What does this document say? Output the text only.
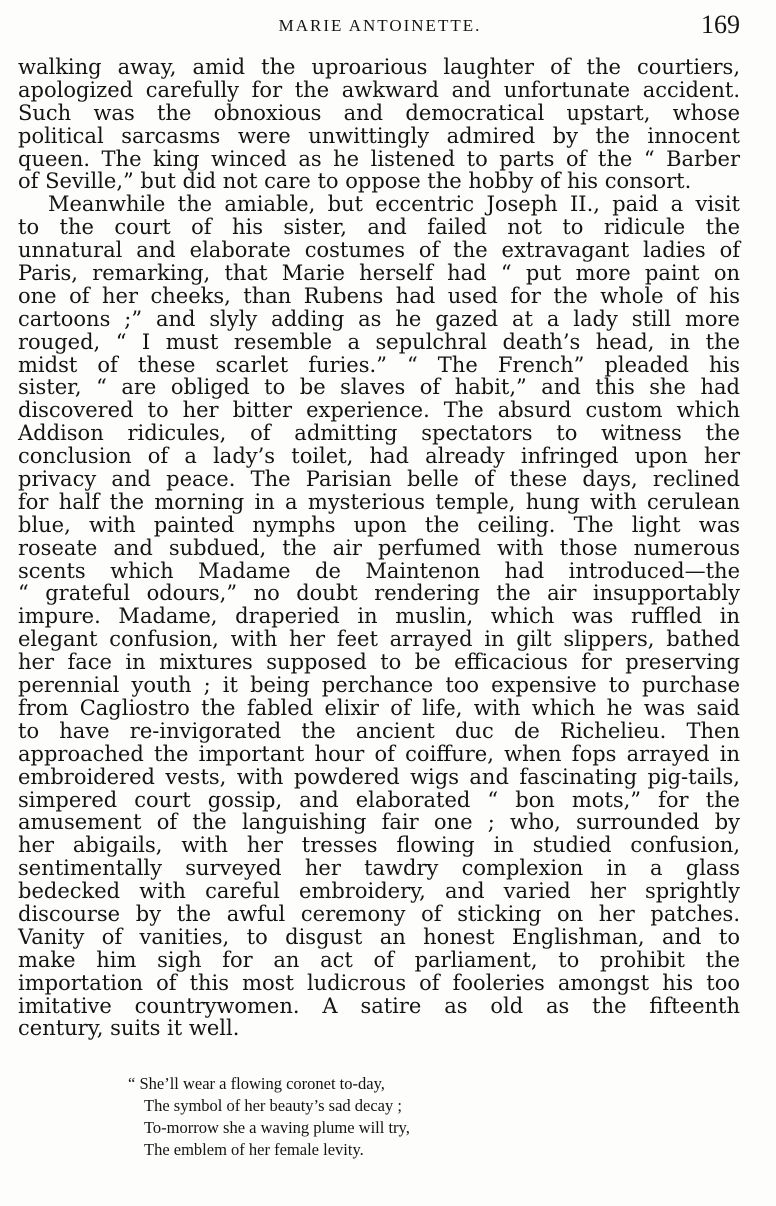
MARIE ANTOINETTE.	169
walking away, amid the uproarious laughter of the courtiers,
apologized carefully for the awkward and unfortunate accident.
Such was the obnoxious and democratical upstart, whose
political sarcasms were unwittingly admired by the innocent
queen. The king winced as he listened to parts of the “ Barber
of Seville,” but did not care to oppose the hobby of his consort.
Meanwhile the amiable, but eccentric Joseph II., paid a visit
to the court of his sister, and failed not to ridicule the
unnatural and elaborate costumes of the extravagant ladies of
Paris, remarking, that Marie herself had “ put more paint on
one of her cheeks, than Rubens had used for the whole of his
cartoons ;” and slyly adding as he gazed at a lady still more
rouged, “ I must resemble a sepulchral death’s head, in the
midst of these scarlet furies.” “ The French” pleaded his
sister, “ are obliged to be slaves of habit,” and this she had
discovered to her bitter experience. The absurd custom which
Addison ridicules, of admitting spectators to witness the
conclusion of a lady’s toilet, had already infringed upon her
privacy and peace. The Parisian belle of these days, reclined
for half the morning in a mysterious temple, hung with cerulean
blue, with painted nymphs upon the ceiling. The light was
roseate and subdued, the air perfumed with those numerous
scents which Madame de Maintenon had introduced—the
“ grateful odours,” no doubt rendering the air insupportably
impure. Madame, draperied in muslin, which was ruffled in
elegant confusion, with her feet arrayed in gilt slippers, bathed
her face in mixtures supposed to be efficacious for preserving
perennial youth ; it being perchance too expensive to purchase
from Cagliostro the fabled elixir of life, with which he was said
to have re-invigorated the ancient duc de Richelieu. Then
approached the important hour of coiffure, when fops arrayed in
embroidered vests, with powdered wigs and fascinating pig-tails,
simpered court gossip, and elaborated “ bon mots,” for the
amusement of the languishing fair one ; who, surrounded by
her abigails, with her tresses flowing in studied confusion,
sentimentally surveyed her tawdry complexion in a glass
bedecked with careful embroidery, and varied her sprightly
discourse by the awful ceremony of sticking on her patches.
Vanity of vanities, to disgust an honest Englishman, and to
make him sigh for an act of parliament, to prohibit the
importation of this most ludicrous of fooleries amongst his too
imitative countrywomen. A satire as old as the fifteenth
century, suits it well.
“ She’ll wear a flowing coronet to-day,
The symbol of her beauty’s sad decay ;
To-morrow she a waving plume will try,
The emblem of her female levity.
